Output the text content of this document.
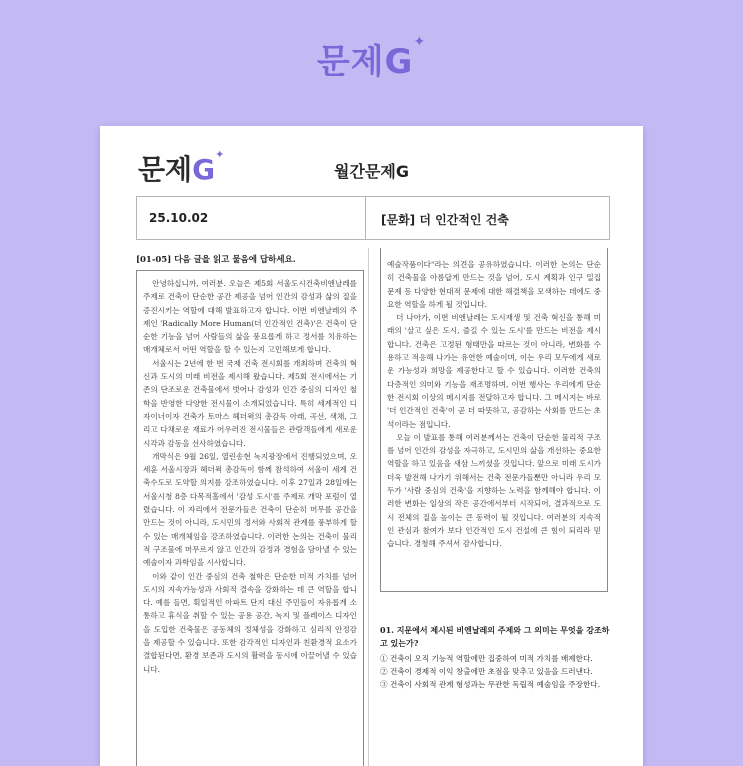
문제G✦
문제G✦
월간문제G
25.10.02	[문화] 더 인간적인 건축
[01-05] 다음 글을 읽고 물음에 답하세요.

안녕하십니까, 여러분. 오늘은 제5회 서울도시건축비엔날레를 주제로 건축이 단순한 공간 제공을 넘어 인간의 감성과 삶의 질을 증진시키는 역할에 대해 발표하고자 합니다. 이번 비엔날레의 주제인 'Radically More Human(더 인간적인 건축)'은 건축이 단순한 기능을 넘어 사람들의 삶을 풍요롭게 하고 정서를 치유하는 매개체로서 어떤 역할을 할 수 있는지 고민해보게 합니다.

서울시는 2년에 한 번 국제 건축 전시회를 개최하며 건축의 혁신과 도시의 미래 비전을 제시해 왔습니다. 제5회 전시에서는 기존의 단조로운 건축물에서 벗어나 감성과 인간 중심의 디자인 철학을 반영한 다양한 전시물이 소개되었습니다. 특히 세계적인 디자이너이자 건축가 토마스 헤더윅의 총감독 아래, 곡선, 색채, 그리고 다채로운 재료가 어우러진 전시물들은 관람객들에게 새로운 시각과 감동을 선사하였습니다.

개막식은 9월 26일, 열린송현 녹지광장에서 진행되었으며, 오세훈 서울시장과 헤더윅 총감독이 함께 참석하여 서울이 세계 건축수도로 도약할 의지를 강조하였습니다. 이후 27일과 28일에는 서울시청 8층 다목적홀에서 '감성 도시'를 주제로 개막 포럼이 열렸습니다. 이 자리에서 전문가들은 건축이 단순히 머무를 공간을 만드는 것이 아니라, 도시민의 정서와 사회적 관계를 풍부하게 할 수 있는 매개체임을 강조하였습니다. 이러한 논의는 건축이 물리적 구조물에 머무르지 않고 인간의 감정과 경험을 담아낼 수 있는 예술이자 과학임을 시사합니다.

이와 같이 인간 중심의 건축 철학은 단순한 미적 가치를 넘어 도시의 지속가능성과 사회적 결속을 강화하는 데 큰 역할을 합니다. 예를 들면, 획일적인 아파트 단지 대신 주민들이 자유롭게 소통하고 휴식을 취할 수 있는 공용 공간, 녹지 및 플레이스 디자인을 도입한 건축물은 공동체의 정체성을 강화하고 심리적 안정감을 제공할 수 있습니다. 또한 감각적인 디자인과 친환경적 요소가 결합된다면, 환경 보존과 도시의 활력을 동시에 이끌어낼 수 있습니다.

예술작품이다"라는 의견을 공유하였습니다. 이러한 논의는 단순히 건축물을 아름답게 만드는 것을 넘어, 도시 계획과 인구 밀집 문제 등 다양한 현대적 문제에 대한 해결책을 모색하는 데에도 중요한 역할을 하게 될 것입니다.

더 나아가, 이번 비엔날레는 도시재생 및 건축 혁신을 통해 미래의 '살고 싶은 도시, 즐길 수 있는 도시'를 만드는 비전을 제시합니다. 건축은 고정된 형태만을 따르는 것이 아니라, 변화를 수용하고 적응해 나가는 유연한 예술이며, 이는 우리 모두에게 새로운 가능성과 희망을 제공한다고 할 수 있습니다. 이러한 건축의 다층적인 의미와 기능을 재조명하며, 이번 행사는 우리에게 단순한 전시회 이상의 메시지를 전달하고자 합니다. 그 메시지는 바로 '더 인간적인 건축'이 곧 더 따뜻하고, 공감하는 사회를 만드는 초석이라는 점입니다.

오늘 이 발표를 통해 여러분께서는 건축이 단순한 물리적 구조를 넘어 인간의 감성을 자극하고, 도시민의 삶을 개선하는 중요한 역할을 하고 있음을 새삼 느끼셨을 것입니다. 앞으로 미래 도시가 더욱 발전해 나가기 위해서는 건축 전문가들뿐만 아니라 우리 모두가 '사람 중심의 건축'을 지향하는 노력을 함께해야 합니다. 이러한 변화는 일상의 작은 공간에서부터 시작되어, 결과적으로 도시 전체의 질을 높이는 큰 동력이 될 것입니다. 여러분의 지속적인 관심과 참여가 보다 인간적인 도시 건설에 큰 힘이 되리라 믿습니다. 경청해 주셔서 감사합니다.

01. 지문에서 제시된 비엔날레의 주제와 그 의미는 무엇을 강조하고 있는가?

① 건축이 오직 기능적 역할에만 집중하여 미적 가치를 배제한다.

② 건축이 경제적 이익 창출에만 초점을 맞추고 있음을 드러낸다.

③ 건축이 사회적 관계 형성과는 무관한 독립적 예술임을 주장한다.
